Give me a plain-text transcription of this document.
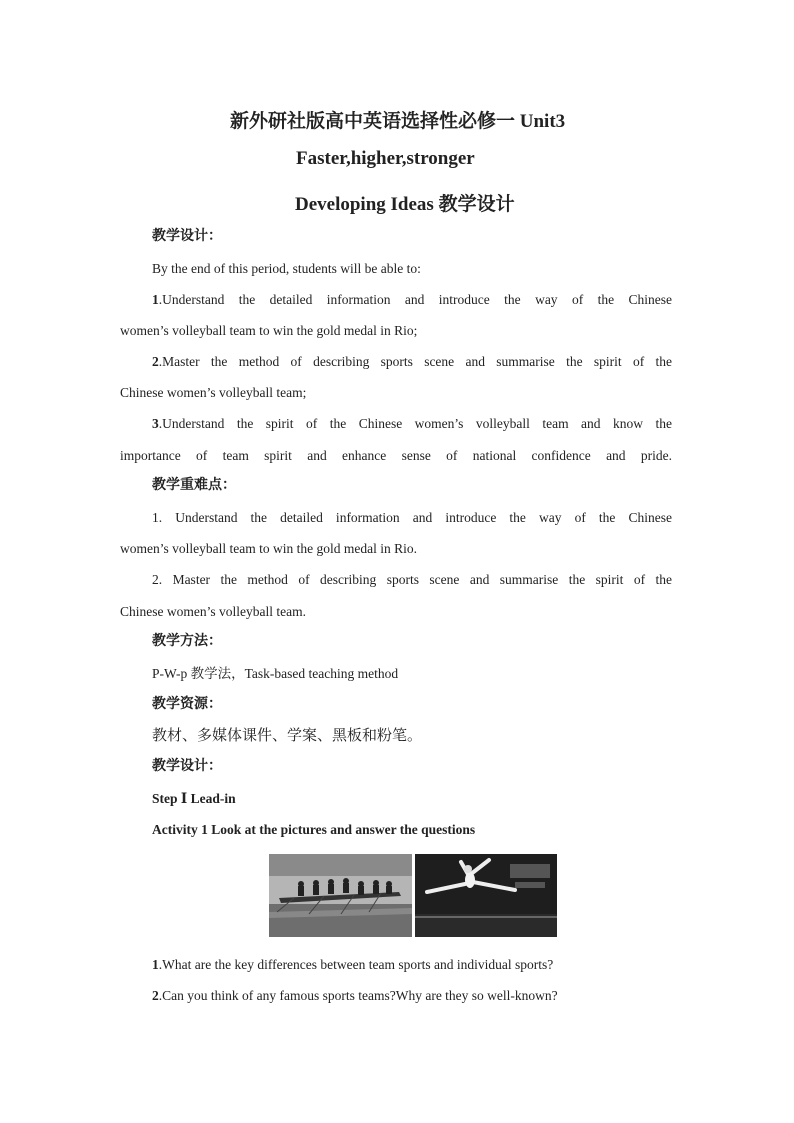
新外研社版高中英语选择性必修一 Unit3
Faster,higher,stronger
Developing Ideas 教学设计
教学设计：
By the end of this period, students will be able to:
1.Understand the detailed information and introduce the way of the Chinese
women’s volleyball team to win the gold medal in Rio;
2.Master the method of describing sports scene and summarise the spirit of the
Chinese women’s volleyball team;
3.Understand the spirit of the Chinese women’s volleyball team and know the
importance of team spirit and enhance sense of national confidence and pride.
教学重难点：
1. Understand the detailed information and introduce the way of the Chinese
women’s volleyball team to win the gold medal in Rio.
2. Master the method of describing sports scene and summarise the spirit of the
Chinese women’s volleyball team.
教学方法：
P-W-p 教学法，Task-based teaching method
教学资源：
教材、多媒体课件、学案、黑板和粉笔。
教学设计：
Step Ⅰ Lead-in
Activity 1 Look at the pictures and answer the questions
1.What are the key differences between team sports and individual sports?
2.Can you think of any famous sports teams?Why are they so well-known?
